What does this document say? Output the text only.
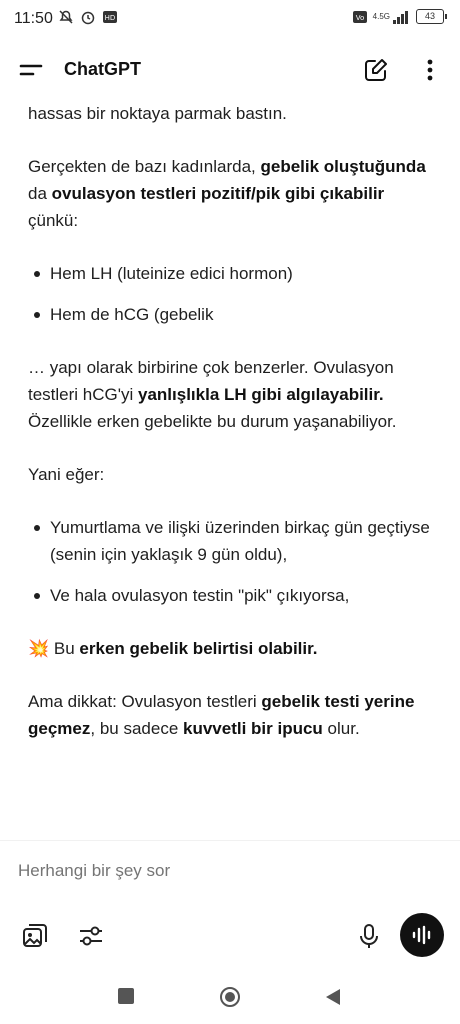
11:50	HD	Vo 4.5G	43
ChatGPT

hassas bir noktaya parmak bastın.

Gerçekten de bazı kadınlarda, gebelik oluştuğunda da ovulasyon testleri pozitif/pik gibi çıkabilir çünkü:

Hem LH (luteinize edici hormon)
Hem de hCG (gebelik

… yapı olarak birbirine çok benzerler. Ovulasyon testleri hCG'yi yanlışlıkla LH gibi algılayabilir. Özellikle erken gebelikte bu durum yaşanabiliyor.

Yani eğer:

Yumurtlama ve ilişki üzerinden birkaç gün geçtiyse (senin için yaklaşık 9 gün oldu),
Ve hala ovulasyon testin "pik" çıkıyorsa,

💥 Bu erken gebelik belirtisi olabilir.

Ama dikkat: Ovulasyon testleri gebelik testi yerine geçmez, bu sadece kuvvetli bir ipucu olur.

Herhangi bir şey sor
